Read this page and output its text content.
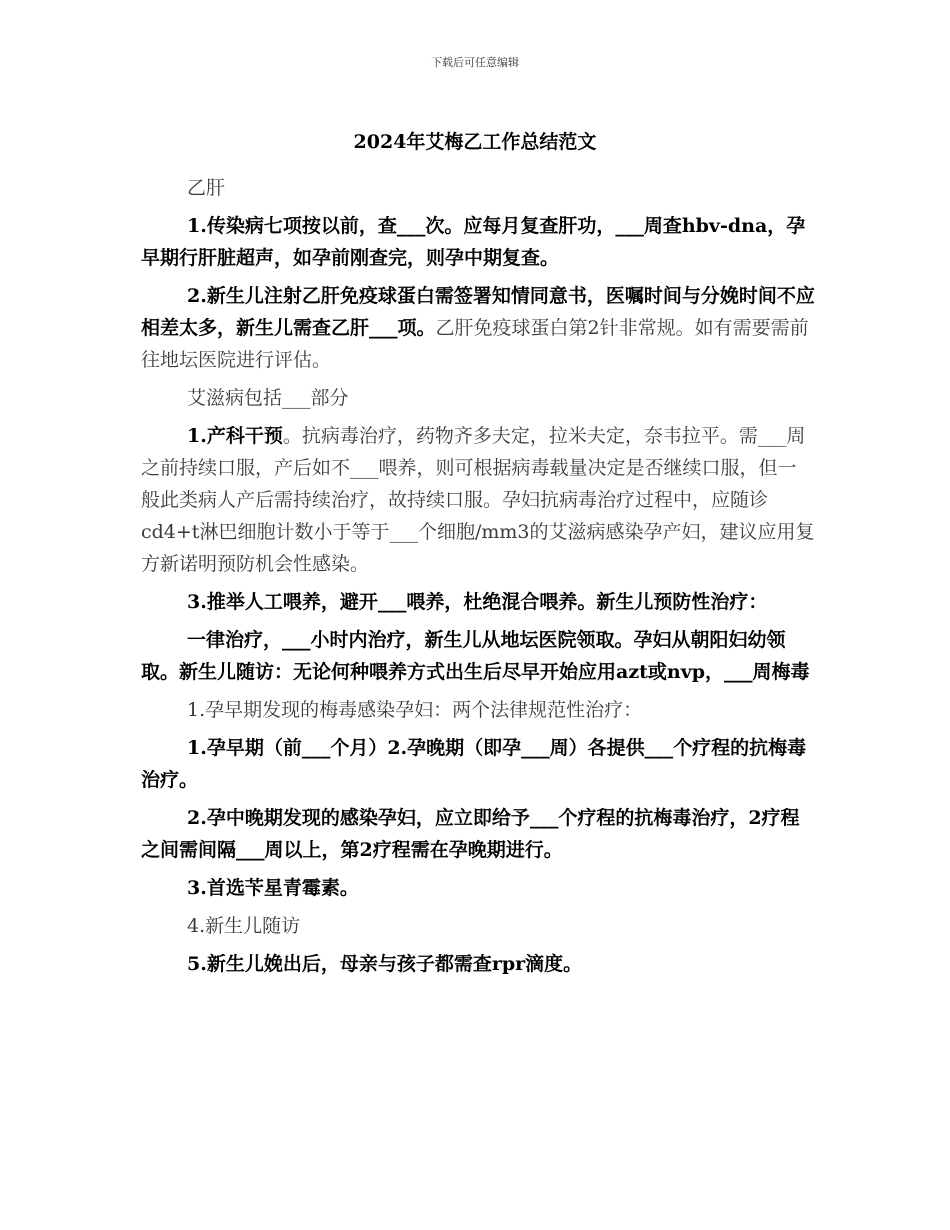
下载后可任意编辑
2024年艾梅乙工作总结范文

乙肝

1.传染病七项按以前，查___次。应每月复查肝功，___周查hbv-dna，孕早期行肝脏超声，如孕前刚查完，则孕中期复查。

2.新生儿注射乙肝免疫球蛋白需签署知情同意书，医嘱时间与分娩时间不应相差太多，新生儿需查乙肝___项。乙肝免疫球蛋白第2针非常规。如有需要需前往地坛医院进行评估。

艾滋病包括___部分

1.产科干预。抗病毒治疗，药物齐多夫定，拉米夫定，奈韦拉平。需___周之前持续口服，产后如不___喂养，则可根据病毒载量决定是否继续口服，但一般此类病人产后需持续治疗，故持续口服。孕妇抗病毒治疗过程中，应随诊cd4+t淋巴细胞计数小于等于___个细胞/mm3的艾滋病感染孕产妇，建议应用复方新诺明预防机会性感染。

3.推举人工喂养，避开___喂养，杜绝混合喂养。新生儿预防性治疗：

一律治疗，___小时内治疗，新生儿从地坛医院领取。孕妇从朝阳妇幼领取。新生儿随访：无论何种喂养方式出生后尽早开始应用azt或nvp，___周梅毒

1.孕早期发现的梅毒感染孕妇：两个法律规范性治疗：

1.孕早期（前___个月）2.孕晚期（即孕___周）各提供___个疗程的抗梅毒治疗。

2.孕中晚期发现的感染孕妇，应立即给予___个疗程的抗梅毒治疗，2疗程之间需间隔___周以上，第2疗程需在孕晚期进行。

3.首选苄星青霉素。

4.新生儿随访

5.新生儿娩出后，母亲与孩子都需查rpr滴度。
